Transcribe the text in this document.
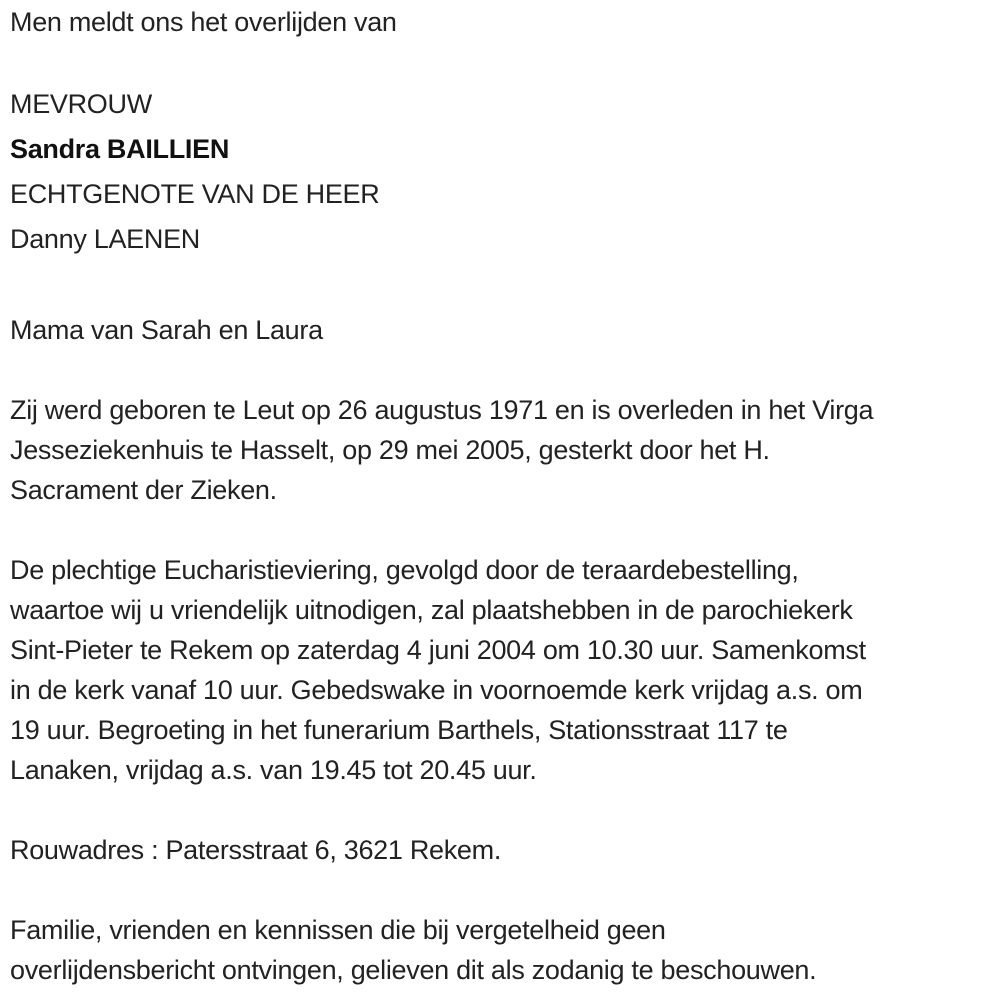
Men meldt ons het overlijden van
MEVROUW
Sandra BAILLIEN
ECHTGENOTE VAN DE HEER
Danny LAENEN
Mama van Sarah en Laura
Zij werd geboren te Leut op 26 augustus 1971 en is overleden in het Virga
Jesseziekenhuis te Hasselt, op 29 mei 2005, gesterkt door het H.
Sacrament der Zieken.
De plechtige Eucharistieviering, gevolgd door de teraardebestelling,
waartoe wij u vriendelijk uitnodigen, zal plaatshebben in de parochiekerk
Sint-Pieter te Rekem op zaterdag 4 juni 2004 om 10.30 uur. Samenkomst
in de kerk vanaf 10 uur. Gebedswake in voornoemde kerk vrijdag a.s. om
19 uur. Begroeting in het funerarium Barthels, Stationsstraat 117 te
Lanaken, vrijdag a.s. van 19.45 tot 20.45 uur.
Rouwadres : Patersstraat 6, 3621 Rekem.
Familie, vrienden en kennissen die bij vergetelheid geen
overlijdensbericht ontvingen, gelieven dit als zodanig te beschouwen.
